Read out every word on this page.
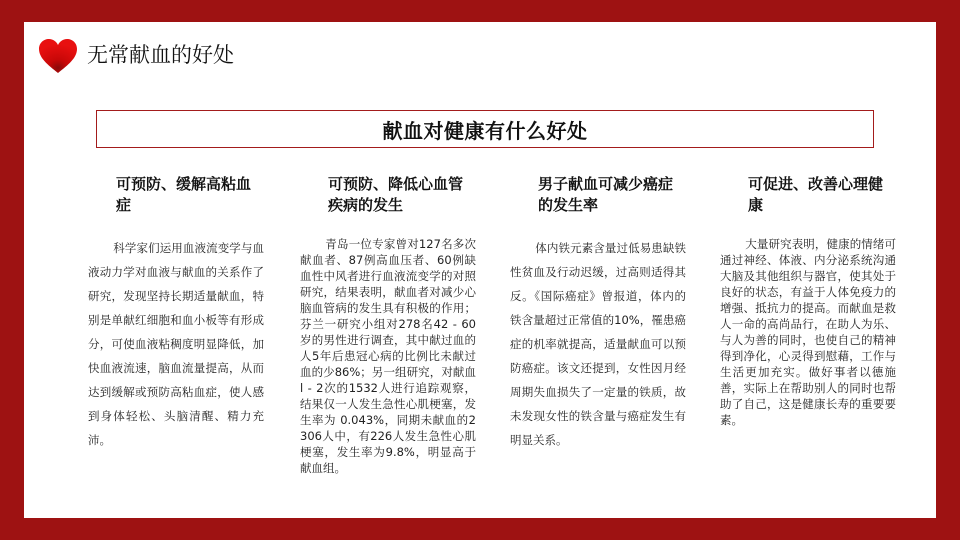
无常献血的好处
献血对健康有什么好处
可预防、缓解高粘血症
科学家们运用血液流变学与血液动力学对血液与献血的关系作了研究，发现坚持长期适量献血，特别是单献红细胞和血小板等有形成分，可使血液粘稠度明显降低，加快血液流速，脑血流量提高，从而达到缓解或预防高粘血症，使人感到身体轻松、头脑清醒、精力充沛。
可预防、降低心血管疾病的发生
青岛一位专家曾对127名多次献血者、87例高血压者、60例缺血性中风者进行血液流变学的对照研究，结果表明，献血者对减少心脑血管病的发生具有积极的作用；芬兰一研究小组对278名42 - 60岁的男性进行调查，其中献过血的人5年后患冠心病的比例比未献过血的少86%；另一组研究，对献血l - 2次的1532人进行追踪观察，结果仅一人发生急性心肌梗塞，发生率为 0.043%，同期未献血的2306人中，有226人发生急性心肌梗塞，发生率为9.8%，明显高于献血组。
男子献血可减少癌症的发生率
体内铁元素含量过低易患缺铁性贫血及行动迟缓，过高则适得其反。《国际癌症》曾报道，体内的铁含量超过正常值的10%，罹患癌症的机率就提高，适量献血可以预防癌症。该文还提到，女性因月经周期失血损失了一定量的铁质，故未发现女性的铁含量与癌症发生有明显关系。
可促进、改善心理健康
大量研究表明，健康的情绪可通过神经、体液、内分泌系统沟通大脑及其他组织与器官，使其处于良好的状态，有益于人体免疫力的增强、抵抗力的提高。而献血是救人一命的高尚品行，在助人为乐、与人为善的同时，也使自己的精神得到净化，心灵得到慰藉，工作与生活更加充实。做好事者以德施善，实际上在帮助别人的同时也帮助了自己，这是健康长寿的重要要素。
